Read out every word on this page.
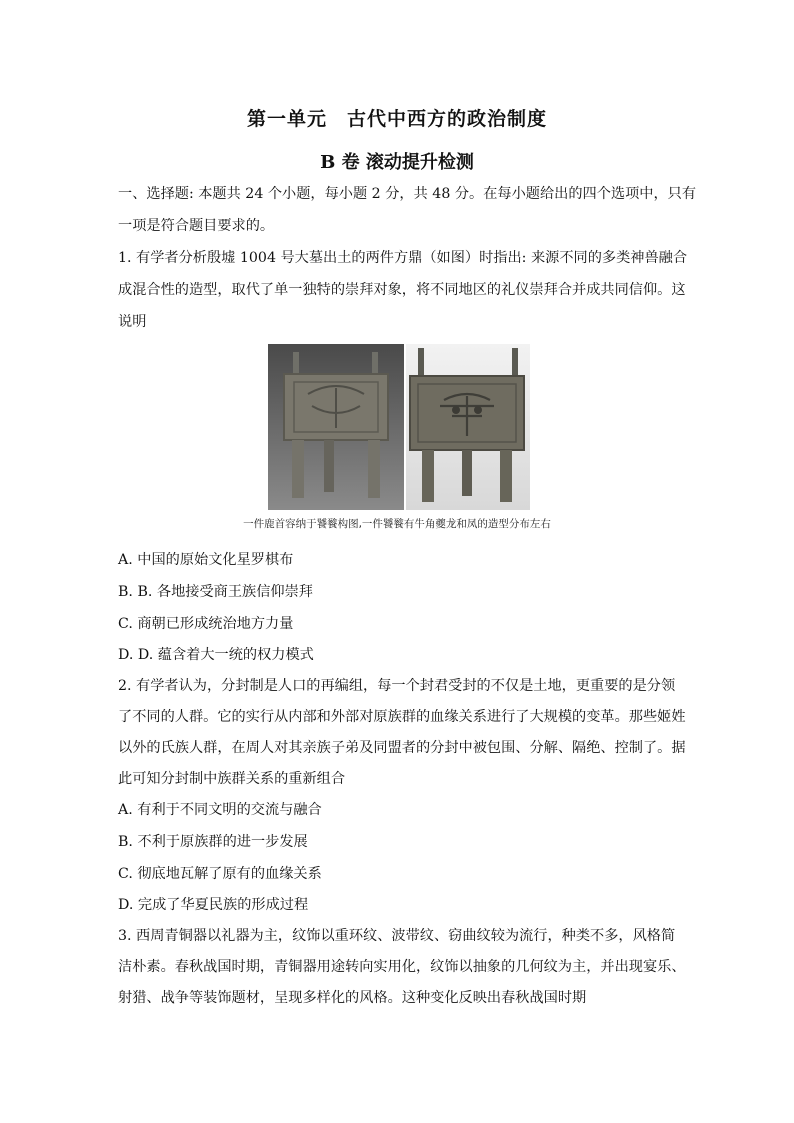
第一单元　古代中西方的政治制度
B 卷 滚动提升检测
一、选择题: 本题共 24 个小题，每小题 2 分，共 48 分。在每小题给出的四个选项中，只有
一项是符合题目要求的。
1. 有学者分析殷墟 1004 号大墓出土的两件方鼎（如图）时指出: 来源不同的多类神兽融合
成混合性的造型，取代了单一独特的崇拜对象，将不同地区的礼仪崇拜合并成共同信仰。这
说明
一件鹿首容纳于饕餮构图,一件饕餮有牛角夔龙和凤的造型分布左右
A. 中国的原始文化星罗棋布
B. B. 各地接受商王族信仰崇拜
C. 商朝已形成统治地方力量
D. D. 蕴含着大一统的权力模式
2. 有学者认为，分封制是人口的再编组，每一个封君受封的不仅是土地，更重要的是分领
了不同的人群。它的实行从内部和外部对原族群的血缘关系进行了大规模的变革。那些姬姓
以外的氏族人群，在周人对其亲族子弟及同盟者的分封中被包围、分解、隔绝、控制了。据
此可知分封制中族群关系的重新组合
A. 有利于不同文明的交流与融合
B. 不利于原族群的进一步发展
C. 彻底地瓦解了原有的血缘关系
D. 完成了华夏民族的形成过程
3. 西周青铜器以礼器为主，纹饰以重环纹、波带纹、窃曲纹较为流行，种类不多，风格简
洁朴素。春秋战国时期，青铜器用途转向实用化，纹饰以抽象的几何纹为主，并出现宴乐、
射猎、战争等装饰题材，呈现多样化的风格。这种变化反映出春秋战国时期
